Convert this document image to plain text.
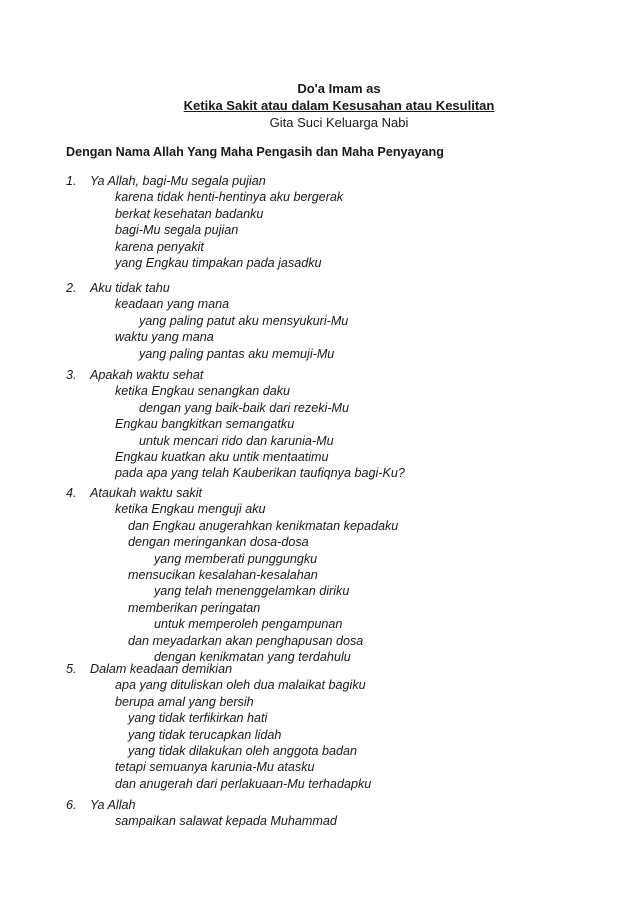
Do'a Imam as
Ketika Sakit atau dalam Kesusahan atau Kesulitan
Gita Suci Keluarga Nabi
Dengan Nama Allah Yang Maha Pengasih dan Maha Penyayang
1. Ya Allah, bagi-Mu segala pujian
karena tidak henti-hentinya aku bergerak
berkat kesehatan badanku
bagi-Mu segala pujian
karena penyakit
yang Engkau timpakan pada jasadku
2. Aku tidak tahu
keadaan yang mana
yang paling patut aku mensyukuri-Mu
waktu yang mana
yang paling pantas aku memuji-Mu
3. Apakah waktu sehat
ketika Engkau senangkan daku
dengan yang baik-baik dari rezeki-Mu
Engkau bangkitkan semangatku
untuk mencari rido dan karunia-Mu
Engkau kuatkan aku untik mentaatimu
pada apa yang telah Kauberikan taufiqnya bagi-Ku?
4. Ataukah waktu sakit
ketika Engkau menguji aku
dan Engkau anugerahkan kenikmatan kepadaku
dengan meringankan dosa-dosa
yang memberati punggungku
mensucikan kesalahan-kesalahan
yang telah menenggelamkan diriku
memberikan peringatan
untuk memperoleh pengampunan
dan meyadarkan akan penghapusan dosa
dengan kenikmatan yang terdahulu
5. Dalam keadaan demikian
apa yang dituliskan oleh dua malaikat bagiku
berupa amal yang bersih
yang tidak terfikirkan hati
yang tidak terucapkan lidah
yang tidak dilakukan oleh anggota badan
tetapi semuanya karunia-Mu atasku
dan anugerah dari perlakuaan-Mu terhadapku
6. Ya Allah
sampaikan salawat kepada Muhammad
